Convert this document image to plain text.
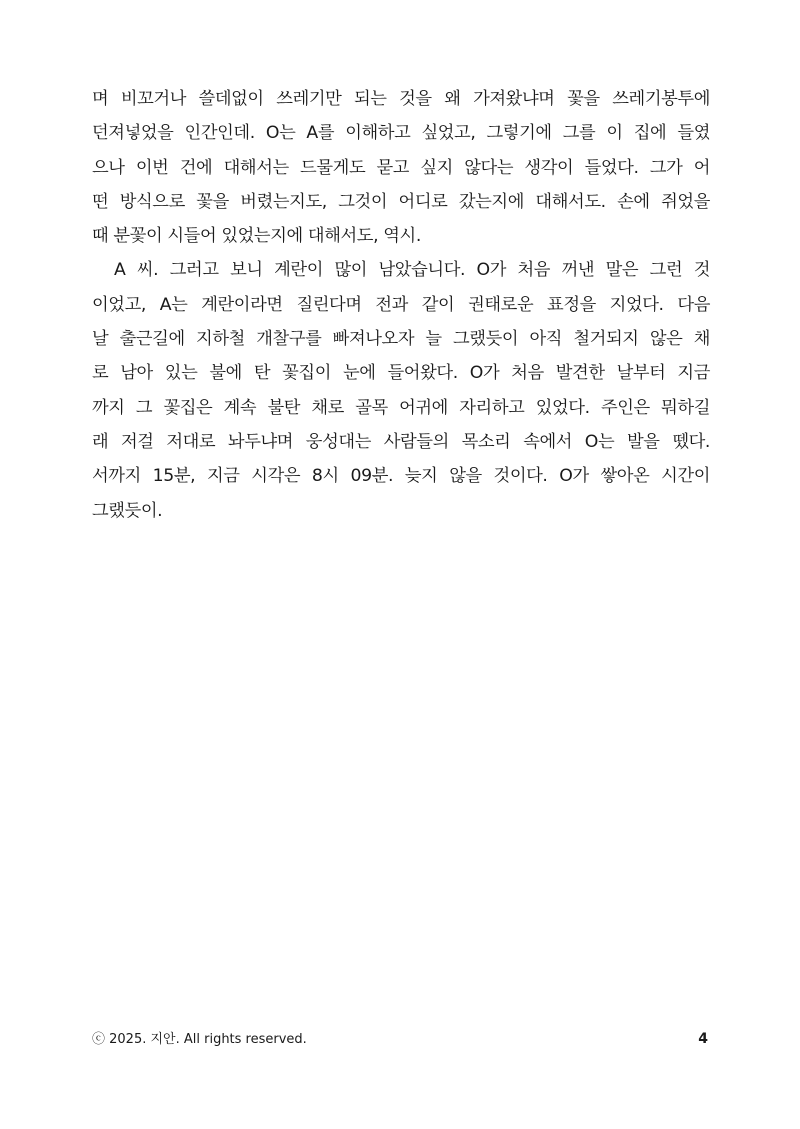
며 비꼬거나 쓸데없이 쓰레기만 되는 것을 왜 가져왔냐며 꽃을 쓰레기봉투에
던져넣었을 인간인데. O는 A를 이해하고 싶었고, 그렇기에 그를 이 집에 들였
으나 이번 건에 대해서는 드물게도 묻고 싶지 않다는 생각이 들었다. 그가 어
떤 방식으로 꽃을 버렸는지도, 그것이 어디로 갔는지에 대해서도. 손에 쥐었을
때 분꽃이 시들어 있었는지에 대해서도, 역시.
A 씨. 그러고 보니 계란이 많이 남았습니다. O가 처음 꺼낸 말은 그런 것
이었고, A는 계란이라면 질린다며 전과 같이 권태로운 표정을 지었다. 다음
날 출근길에 지하철 개찰구를 빠져나오자 늘 그랬듯이 아직 철거되지 않은 채
로 남아 있는 불에 탄 꽃집이 눈에 들어왔다. O가 처음 발견한 날부터 지금
까지 그 꽃집은 계속 불탄 채로 골목 어귀에 자리하고 있었다. 주인은 뭐하길
래 저걸 저대로 놔두냐며 웅성대는 사람들의 목소리 속에서 O는 발을 뗐다.
서까지 15분, 지금 시각은 8시 09분. 늦지 않을 것이다. O가 쌓아온 시간이
그랬듯이.
ⓒ 2025. 지안. All rights reserved.	4
